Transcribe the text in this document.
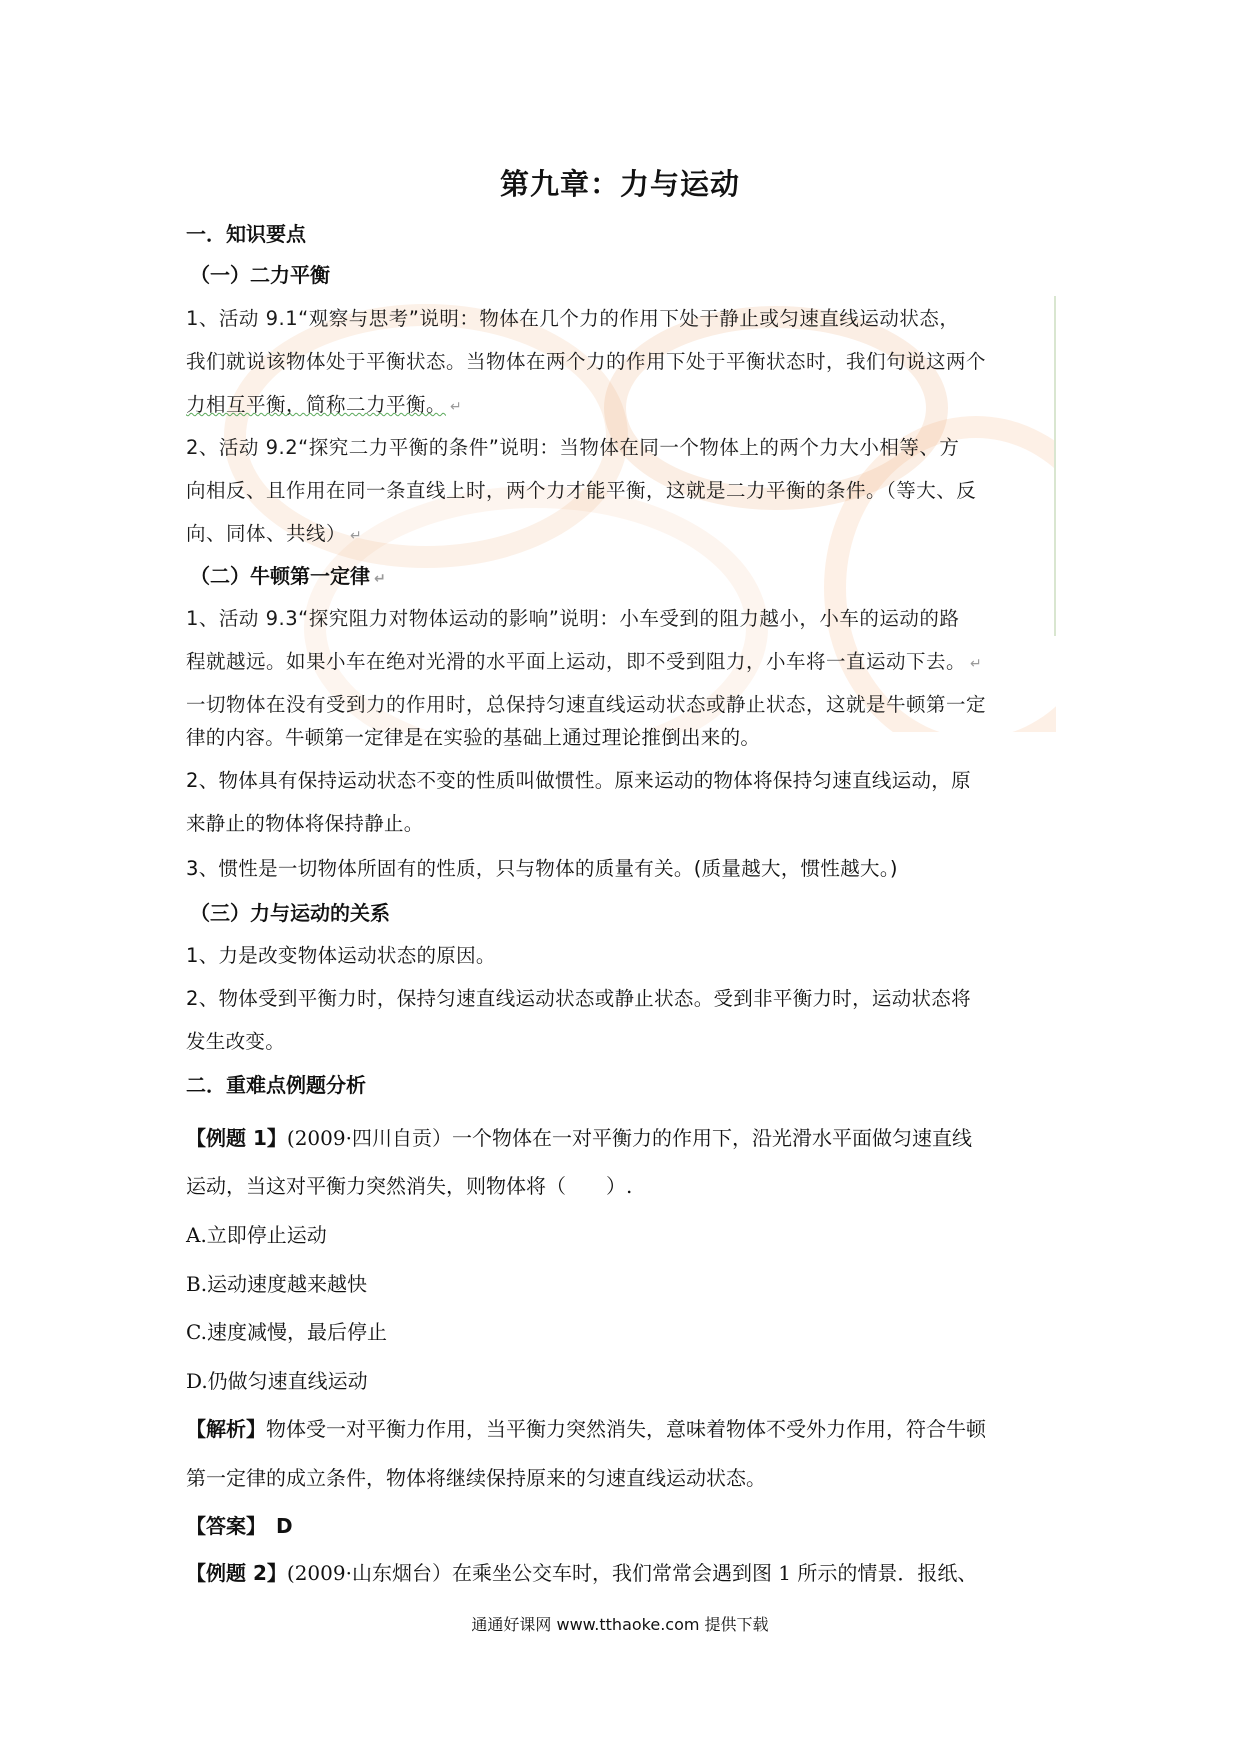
第九章：力与运动
一．知识要点
（一）二力平衡
1、活动 9.1“观察与思考”说明：物体在几个力的作用下处于静止或匀速直线运动状态，
我们就说该物体处于平衡状态。当物体在两个力的作用下处于平衡状态时，我们句说这两个
力相互平衡，简称二力平衡。 ↵
2、活动 9.2“探究二力平衡的条件”说明：当物体在同一个物体上的两个力大小相等、方
向相反、且作用在同一条直线上时，两个力才能平衡，这就是二力平衡的条件。（等大、反
向、同体、共线） ↵
（二）牛顿第一定律 ↵
1、活动 9.3“探究阻力对物体运动的影响”说明：小车受到的阻力越小，小车的运动的路
程就越远。如果小车在绝对光滑的水平面上运动，即不受到阻力，小车将一直运动下去。 ↵
一切物体在没有受到力的作用时，总保持匀速直线运动状态或静止状态，这就是牛顿第一定
律的内容。牛顿第一定律是在实验的基础上通过理论推倒出来的。
2、物体具有保持运动状态不变的性质叫做惯性。原来运动的物体将保持匀速直线运动，原
来静止的物体将保持静止。
3、惯性是一切物体所固有的性质，只与物体的质量有关。(质量越大，惯性越大。)
（三）力与运动的关系
1、力是改变物体运动状态的原因。
2、物体受到平衡力时，保持匀速直线运动状态或静止状态。受到非平衡力时，运动状态将
发生改变。
二．重难点例题分析
【例题 1】(2009·四川自贡）一个物体在一对平衡力的作用下，沿光滑水平面做匀速直线
运动，当这对平衡力突然消失，则物体将（　　）.
A.立即停止运动
B.运动速度越来越快
C.速度减慢，最后停止
D.仍做匀速直线运动
【解析】物体受一对平衡力作用，当平衡力突然消失，意味着物体不受外力作用，符合牛顿
第一定律的成立条件，物体将继续保持原来的匀速直线运动状态。
【答案】　D
【例题 2】(2009·山东烟台）在乘坐公交车时，我们常常会遇到图 1 所示的情景．报纸、
通通好课网 www.tthaoke.com 提供下载
